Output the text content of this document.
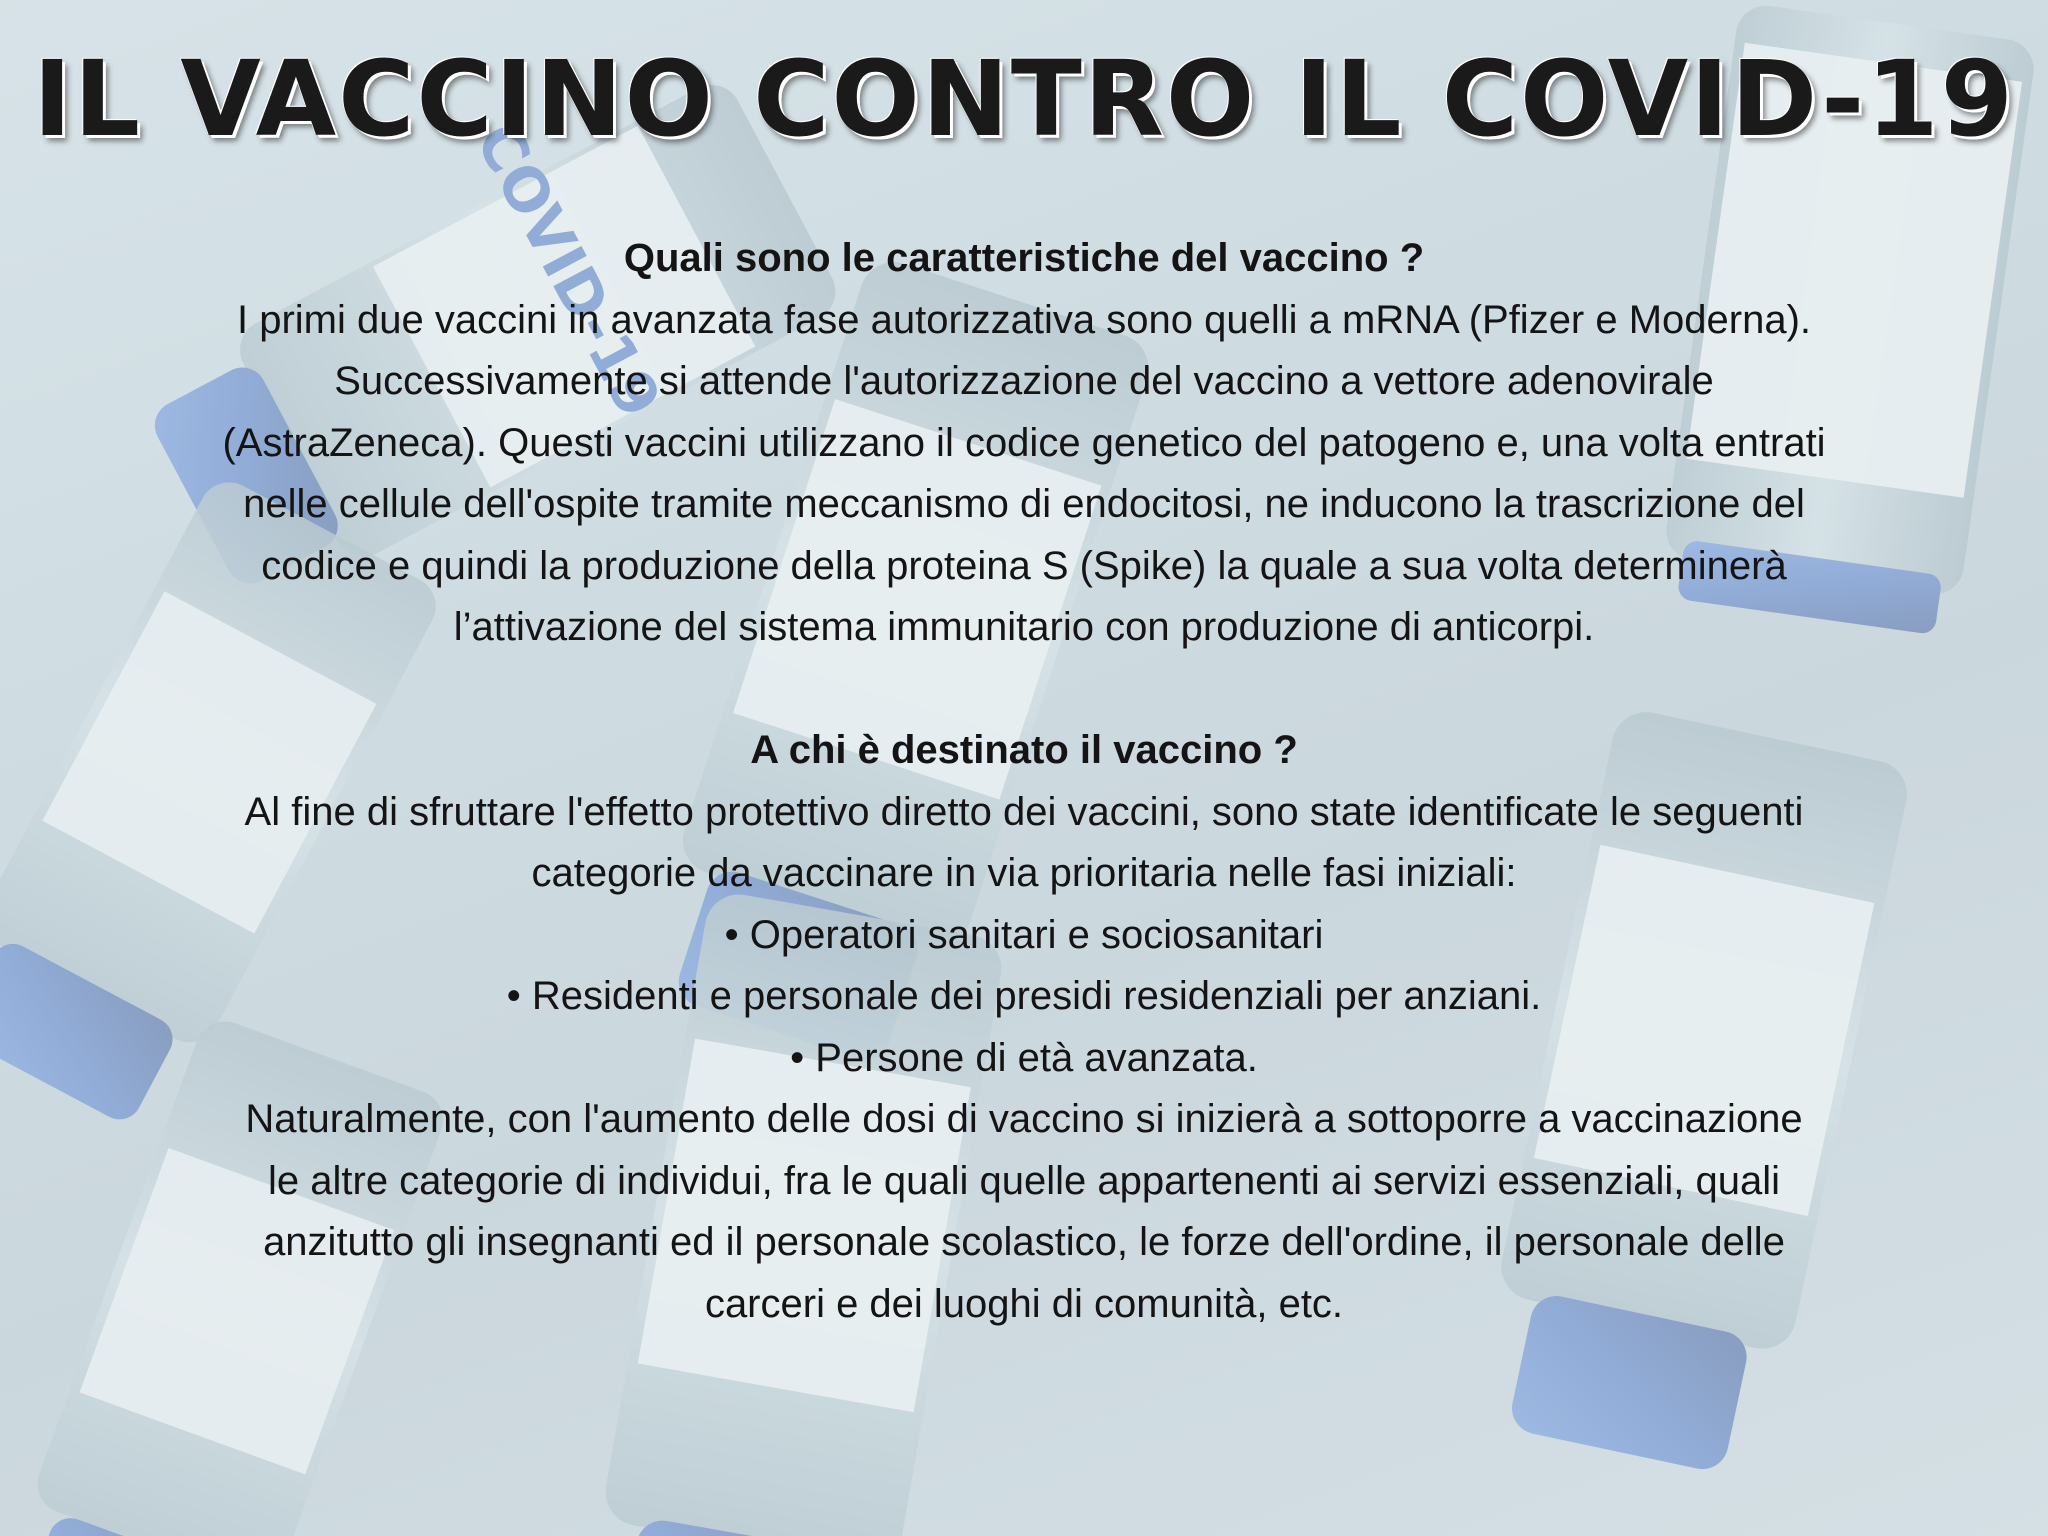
IL VACCINO CONTRO IL COVID-19

Quali sono le caratteristiche del vaccino ?

I primi due vaccini in avanzata fase autorizzativa sono quelli a mRNA (Pfizer e Moderna).

Successivamente si attende l'autorizzazione del vaccino a vettore adenovirale

(AstraZeneca). Questi vaccini utilizzano il codice genetico del patogeno e, una volta entrati

nelle cellule dell'ospite tramite meccanismo di endocitosi, ne inducono la trascrizione del

codice e quindi la produzione della proteina S (Spike) la quale a sua volta determinerà

l’attivazione del sistema immunitario con produzione di anticorpi.

A chi è destinato il vaccino ?

Al fine di sfruttare l'effetto protettivo diretto dei vaccini, sono state identificate le seguenti

categorie da vaccinare in via prioritaria nelle fasi iniziali:

• Operatori sanitari e sociosanitari

• Residenti e personale dei presidi residenziali per anziani.

• Persone di età avanzata.

Naturalmente, con l'aumento delle dosi di vaccino si inizierà a sottoporre a vaccinazione

le altre categorie di individui, fra le quali quelle appartenenti ai servizi essenziali, quali

anzitutto gli insegnanti ed il personale scolastico, le forze dell'ordine, il personale delle

carceri e dei luoghi di comunità, etc.
